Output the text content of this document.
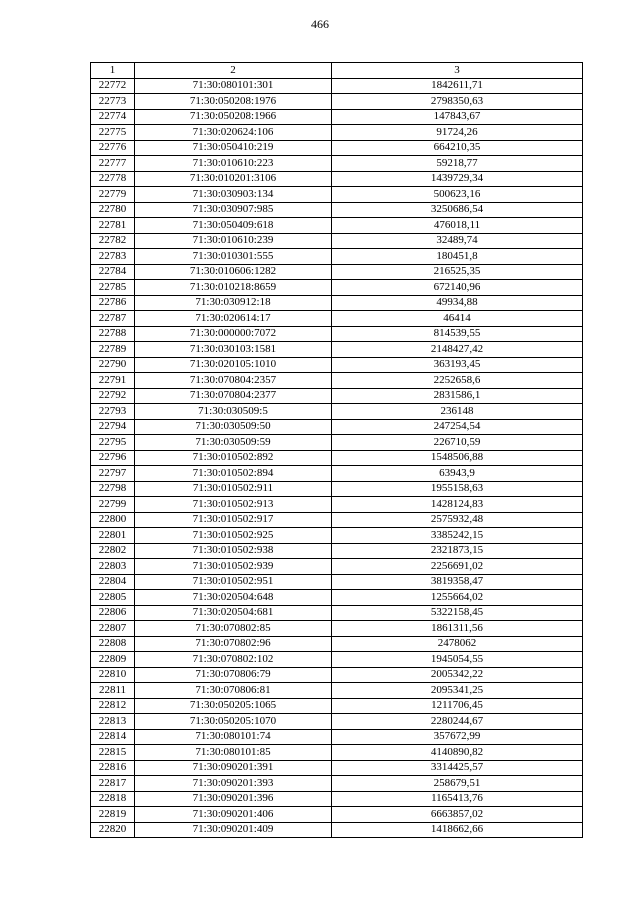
466
1	2	3
22772	71:30:080101:301	1842611,71
22773	71:30:050208:1976	2798350,63
22774	71:30:050208:1966	147843,67
22775	71:30:020624:106	91724,26
22776	71:30:050410:219	664210,35
22777	71:30:010610:223	59218,77
22778	71:30:010201:3106	1439729,34
22779	71:30:030903:134	500623,16
22780	71:30:030907:985	3250686,54
22781	71:30:050409:618	476018,11
22782	71:30:010610:239	32489,74
22783	71:30:010301:555	180451,8
22784	71:30:010606:1282	216525,35
22785	71:30:010218:8659	672140,96
22786	71:30:030912:18	49934,88
22787	71:30:020614:17	46414
22788	71:30:000000:7072	814539,55
22789	71:30:030103:1581	2148427,42
22790	71:30:020105:1010	363193,45
22791	71:30:070804:2357	2252658,6
22792	71:30:070804:2377	2831586,1
22793	71:30:030509:5	236148
22794	71:30:030509:50	247254,54
22795	71:30:030509:59	226710,59
22796	71:30:010502:892	1548506,88
22797	71:30:010502:894	63943,9
22798	71:30:010502:911	1955158,63
22799	71:30:010502:913	1428124,83
22800	71:30:010502:917	2575932,48
22801	71:30:010502:925	3385242,15
22802	71:30:010502:938	2321873,15
22803	71:30:010502:939	2256691,02
22804	71:30:010502:951	3819358,47
22805	71:30:020504:648	1255664,02
22806	71:30:020504:681	5322158,45
22807	71:30:070802:85	1861311,56
22808	71:30:070802:96	2478062
22809	71:30:070802:102	1945054,55
22810	71:30:070806:79	2005342,22
22811	71:30:070806:81	2095341,25
22812	71:30:050205:1065	1211706,45
22813	71:30:050205:1070	2280244,67
22814	71:30:080101:74	357672,99
22815	71:30:080101:85	4140890,82
22816	71:30:090201:391	3314425,57
22817	71:30:090201:393	258679,51
22818	71:30:090201:396	1165413,76
22819	71:30:090201:406	6663857,02
22820	71:30:090201:409	1418662,66
